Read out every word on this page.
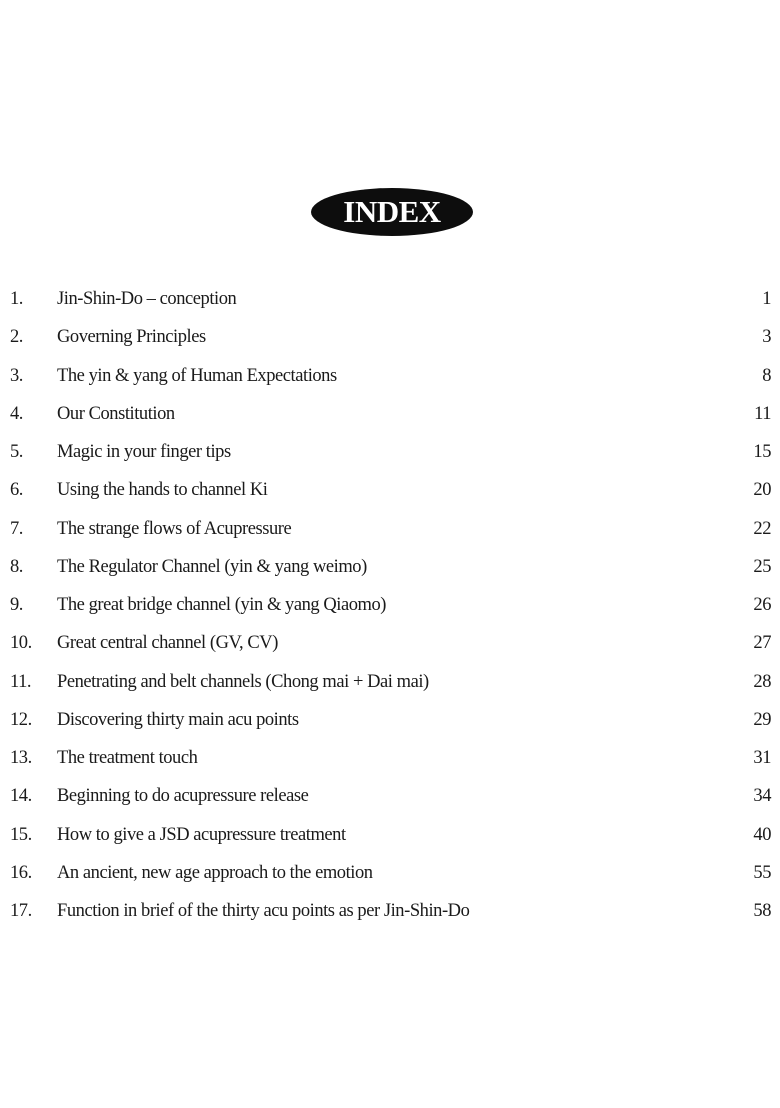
INDEX
1. Jin-Shin-Do – conception	1
2. Governing Principles	3
3. The yin & yang of Human Expectations	8
4. Our Constitution	11
5. Magic in your finger tips	15
6. Using the hands to channel Ki	20
7. The strange flows of Acupressure	22
8. The Regulator Channel (yin & yang weimo)	25
9. The great bridge channel (yin & yang Qiaomo)	26
10. Great central channel (GV, CV)	27
11. Penetrating and belt channels (Chong mai + Dai mai)	28
12. Discovering thirty main acu points	29
13. The treatment touch	31
14. Beginning to do acupressure release	34
15. How to give a JSD acupressure treatment	40
16. An ancient, new age approach to the emotion	55
17. Function in brief of the thirty acu points as per Jin-Shin-Do	58
